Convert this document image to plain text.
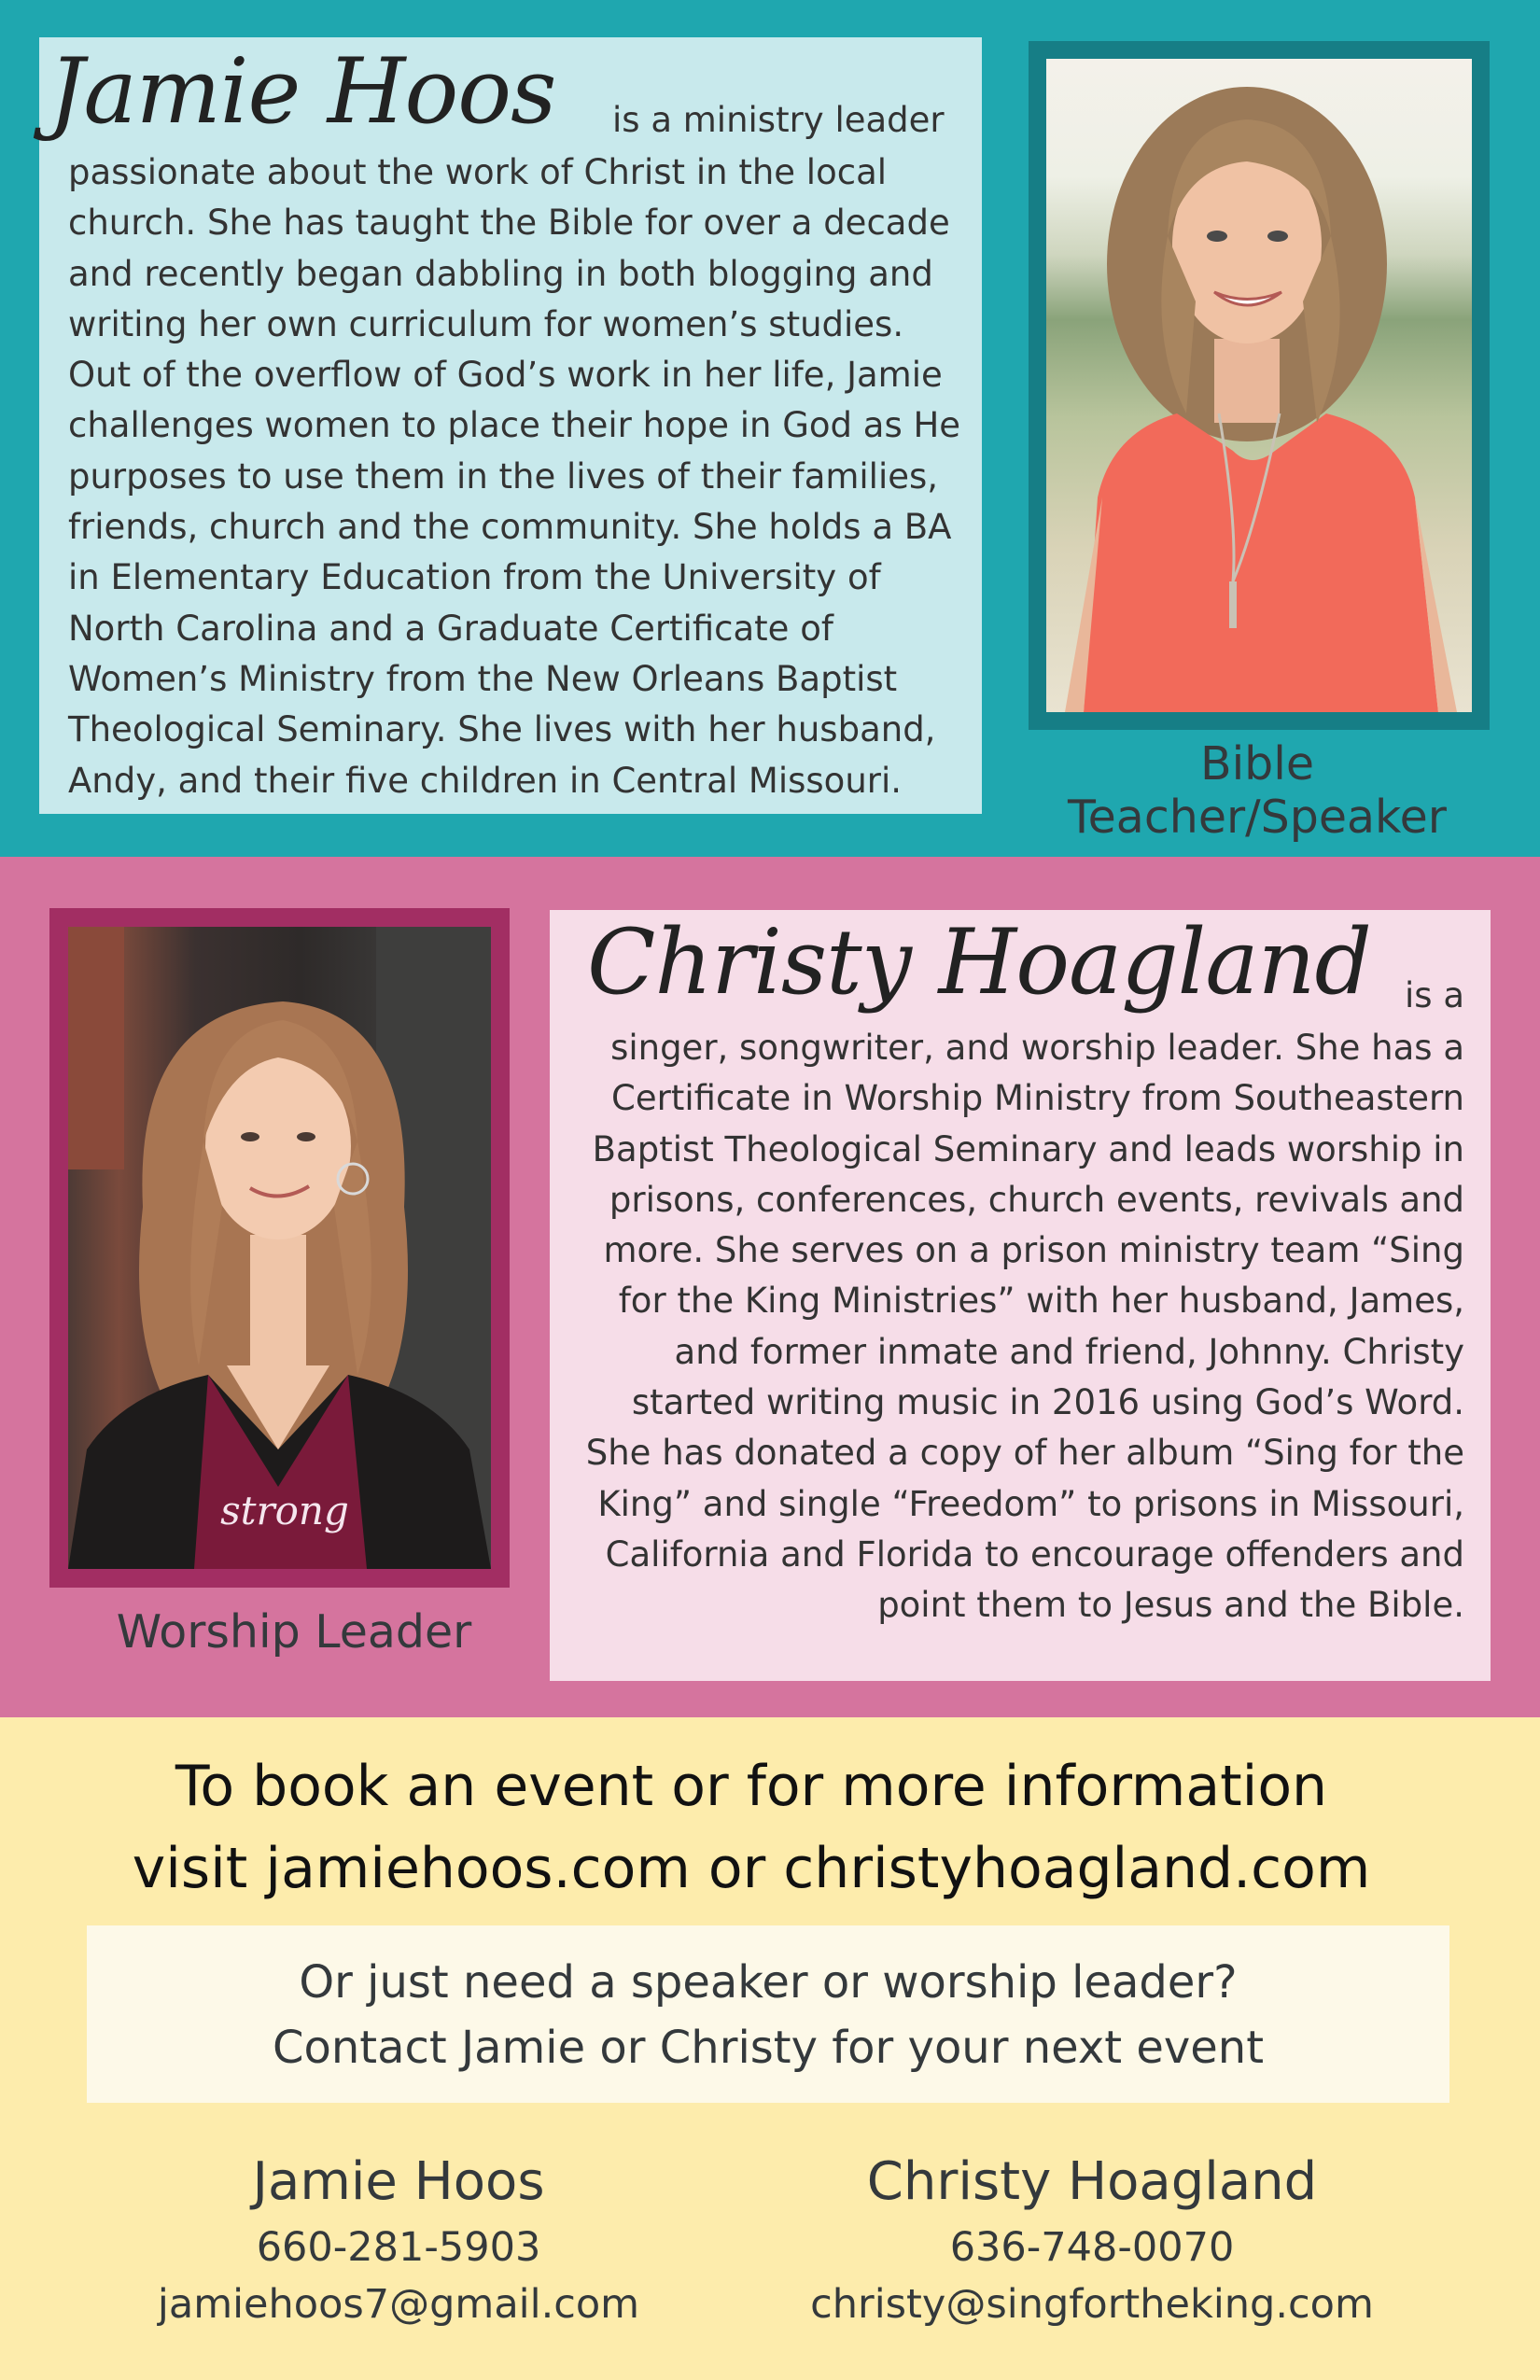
Jamie Hoos is a ministry leader
passionate about the work of Christ in the local church. She has taught the Bible for over a decade and recently began dabbling in both blogging and writing her own curriculum for women’s studies. Out of the overflow of God’s work in her life, Jamie challenges women to place their hope in God as He purposes to use them in the lives of their families, friends, church and the community. She holds a BA in Elementary Education from the University of North Carolina and a Graduate Certificate of Women’s Ministry from the New Orleans Baptist Theological Seminary. She lives with her husband, Andy, and their five children in Central Missouri.	Bible Teacher/Speaker
strong
Worship Leader
Christy Hoagland is a
singer, songwriter, and worship leader. She has a Certificate in Worship Ministry from Southeastern Baptist Theological Seminary and leads worship in prisons, conferences, church events, revivals and more. She serves on a prison ministry team “Sing for the King Ministries” with her husband, James, and former inmate and friend, Johnny. Christy started writing music in 2016 using God’s Word. She has donated a copy of her album “Sing for the King” and single “Freedom” to prisons in Missouri, California and Florida to encourage offenders and point them to Jesus and the Bible.
To book an event or for more information
visit jamiehoos.com or christyhoagland.com
Or just need a speaker or worship leader?
Contact Jamie or Christy for your next event
Jamie Hoos
660-281-5903
jamiehoos7@gmail.com
Christy Hoagland
636-748-0070
christy@singfortheking.com
